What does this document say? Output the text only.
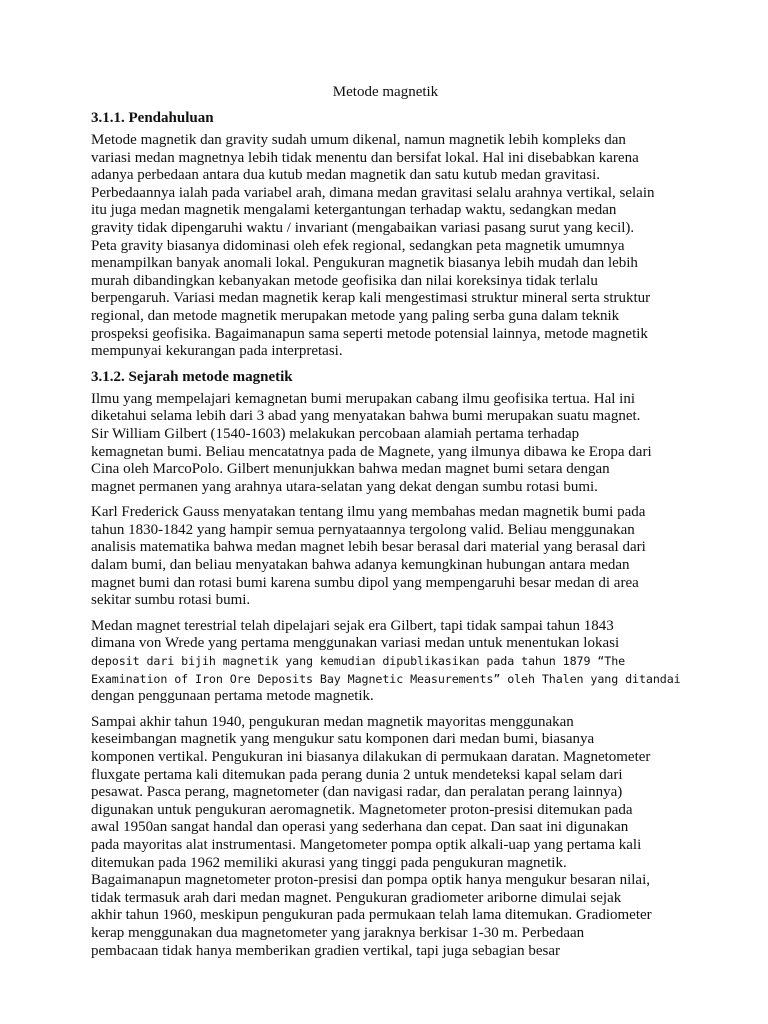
Metode magnetik
3.1.1. Pendahuluan

Metode magnetik dan gravity sudah umum dikenal, namun magnetik lebih kompleks dan
variasi medan magnetnya lebih tidak menentu dan bersifat lokal. Hal ini disebabkan karena
adanya perbedaan antara dua kutub medan magnetik dan satu kutub medan gravitasi.
Perbedaannya ialah pada variabel arah, dimana medan gravitasi selalu arahnya vertikal, selain
itu juga medan magnetik mengalami ketergantungan terhadap waktu, sedangkan medan
gravity tidak dipengaruhi waktu / invariant (mengabaikan variasi pasang surut yang kecil).
Peta gravity biasanya didominasi oleh efek regional, sedangkan peta magnetik umumnya
menampilkan banyak anomali lokal. Pengukuran magnetik biasanya lebih mudah dan lebih
murah dibandingkan kebanyakan metode geofisika dan nilai koreksinya tidak terlalu
berpengaruh. Variasi medan magnetik kerap kali mengestimasi struktur mineral serta struktur
regional, dan metode magnetik merupakan metode yang paling serba guna dalam teknik
prospeksi geofisika. Bagaimanapun sama seperti metode potensial lainnya, metode magnetik
mempunyai kekurangan pada interpretasi.

3.1.2. Sejarah metode magnetik

Ilmu yang mempelajari kemagnetan bumi merupakan cabang ilmu geofisika tertua. Hal ini
diketahui selama lebih dari 3 abad yang menyatakan bahwa bumi merupakan suatu magnet.
Sir William Gilbert (1540-1603) melakukan percobaan alamiah pertama terhadap
kemagnetan bumi. Beliau mencatatnya pada de Magnete, yang ilmunya dibawa ke Eropa dari
Cina oleh MarcoPolo. Gilbert menunjukkan bahwa medan magnet bumi setara dengan
magnet permanen yang arahnya utara-selatan yang dekat dengan sumbu rotasi bumi.

Karl Frederick Gauss menyatakan tentang ilmu yang membahas medan magnetik bumi pada
tahun 1830-1842 yang hampir semua pernyataannya tergolong valid. Beliau menggunakan
analisis matematika bahwa medan magnet lebih besar berasal dari material yang berasal dari
dalam bumi, dan beliau menyatakan bahwa adanya kemungkinan hubungan antara medan
magnet bumi dan rotasi bumi karena sumbu dipol yang mempengaruhi besar medan di area
sekitar sumbu rotasi bumi.

Medan magnet terestrial telah dipelajari sejak era Gilbert, tapi tidak sampai tahun 1843
dimana von Wrede yang pertama menggunakan variasi medan untuk menentukan lokasi
deposit dari bijih magnetik yang kemudian dipublikasikan pada tahun 1879 “The
Examination of Iron Ore Deposits Bay Magnetic Measurements” oleh Thalen yang ditandai
dengan penggunaan pertama metode magnetik.

Sampai akhir tahun 1940, pengukuran medan magnetik mayoritas menggunakan
keseimbangan magnetik yang mengukur satu komponen dari medan bumi, biasanya
komponen vertikal. Pengukuran ini biasanya dilakukan di permukaan daratan. Magnetometer
fluxgate pertama kali ditemukan pada perang dunia 2 untuk mendeteksi kapal selam dari
pesawat. Pasca perang, magnetometer (dan navigasi radar, dan peralatan perang lainnya)
digunakan untuk pengukuran aeromagnetik. Magnetometer proton-presisi ditemukan pada
awal 1950an sangat handal dan operasi yang sederhana dan cepat. Dan saat ini digunakan
pada mayoritas alat instrumentasi. Mangetometer pompa optik alkali-uap yang pertama kali
ditemukan pada 1962 memiliki akurasi yang tinggi pada pengukuran magnetik.
Bagaimanapun magnetometer proton-presisi dan pompa optik hanya mengukur besaran nilai,
tidak termasuk arah dari medan magnet. Pengukuran gradiometer ariborne dimulai sejak
akhir tahun 1960, meskipun pengukuran pada permukaan telah lama ditemukan. Gradiometer
kerap menggunakan dua magnetometer yang jaraknya berkisar 1-30 m. Perbedaan
pembacaan tidak hanya memberikan gradien vertikal, tapi juga sebagian besar
